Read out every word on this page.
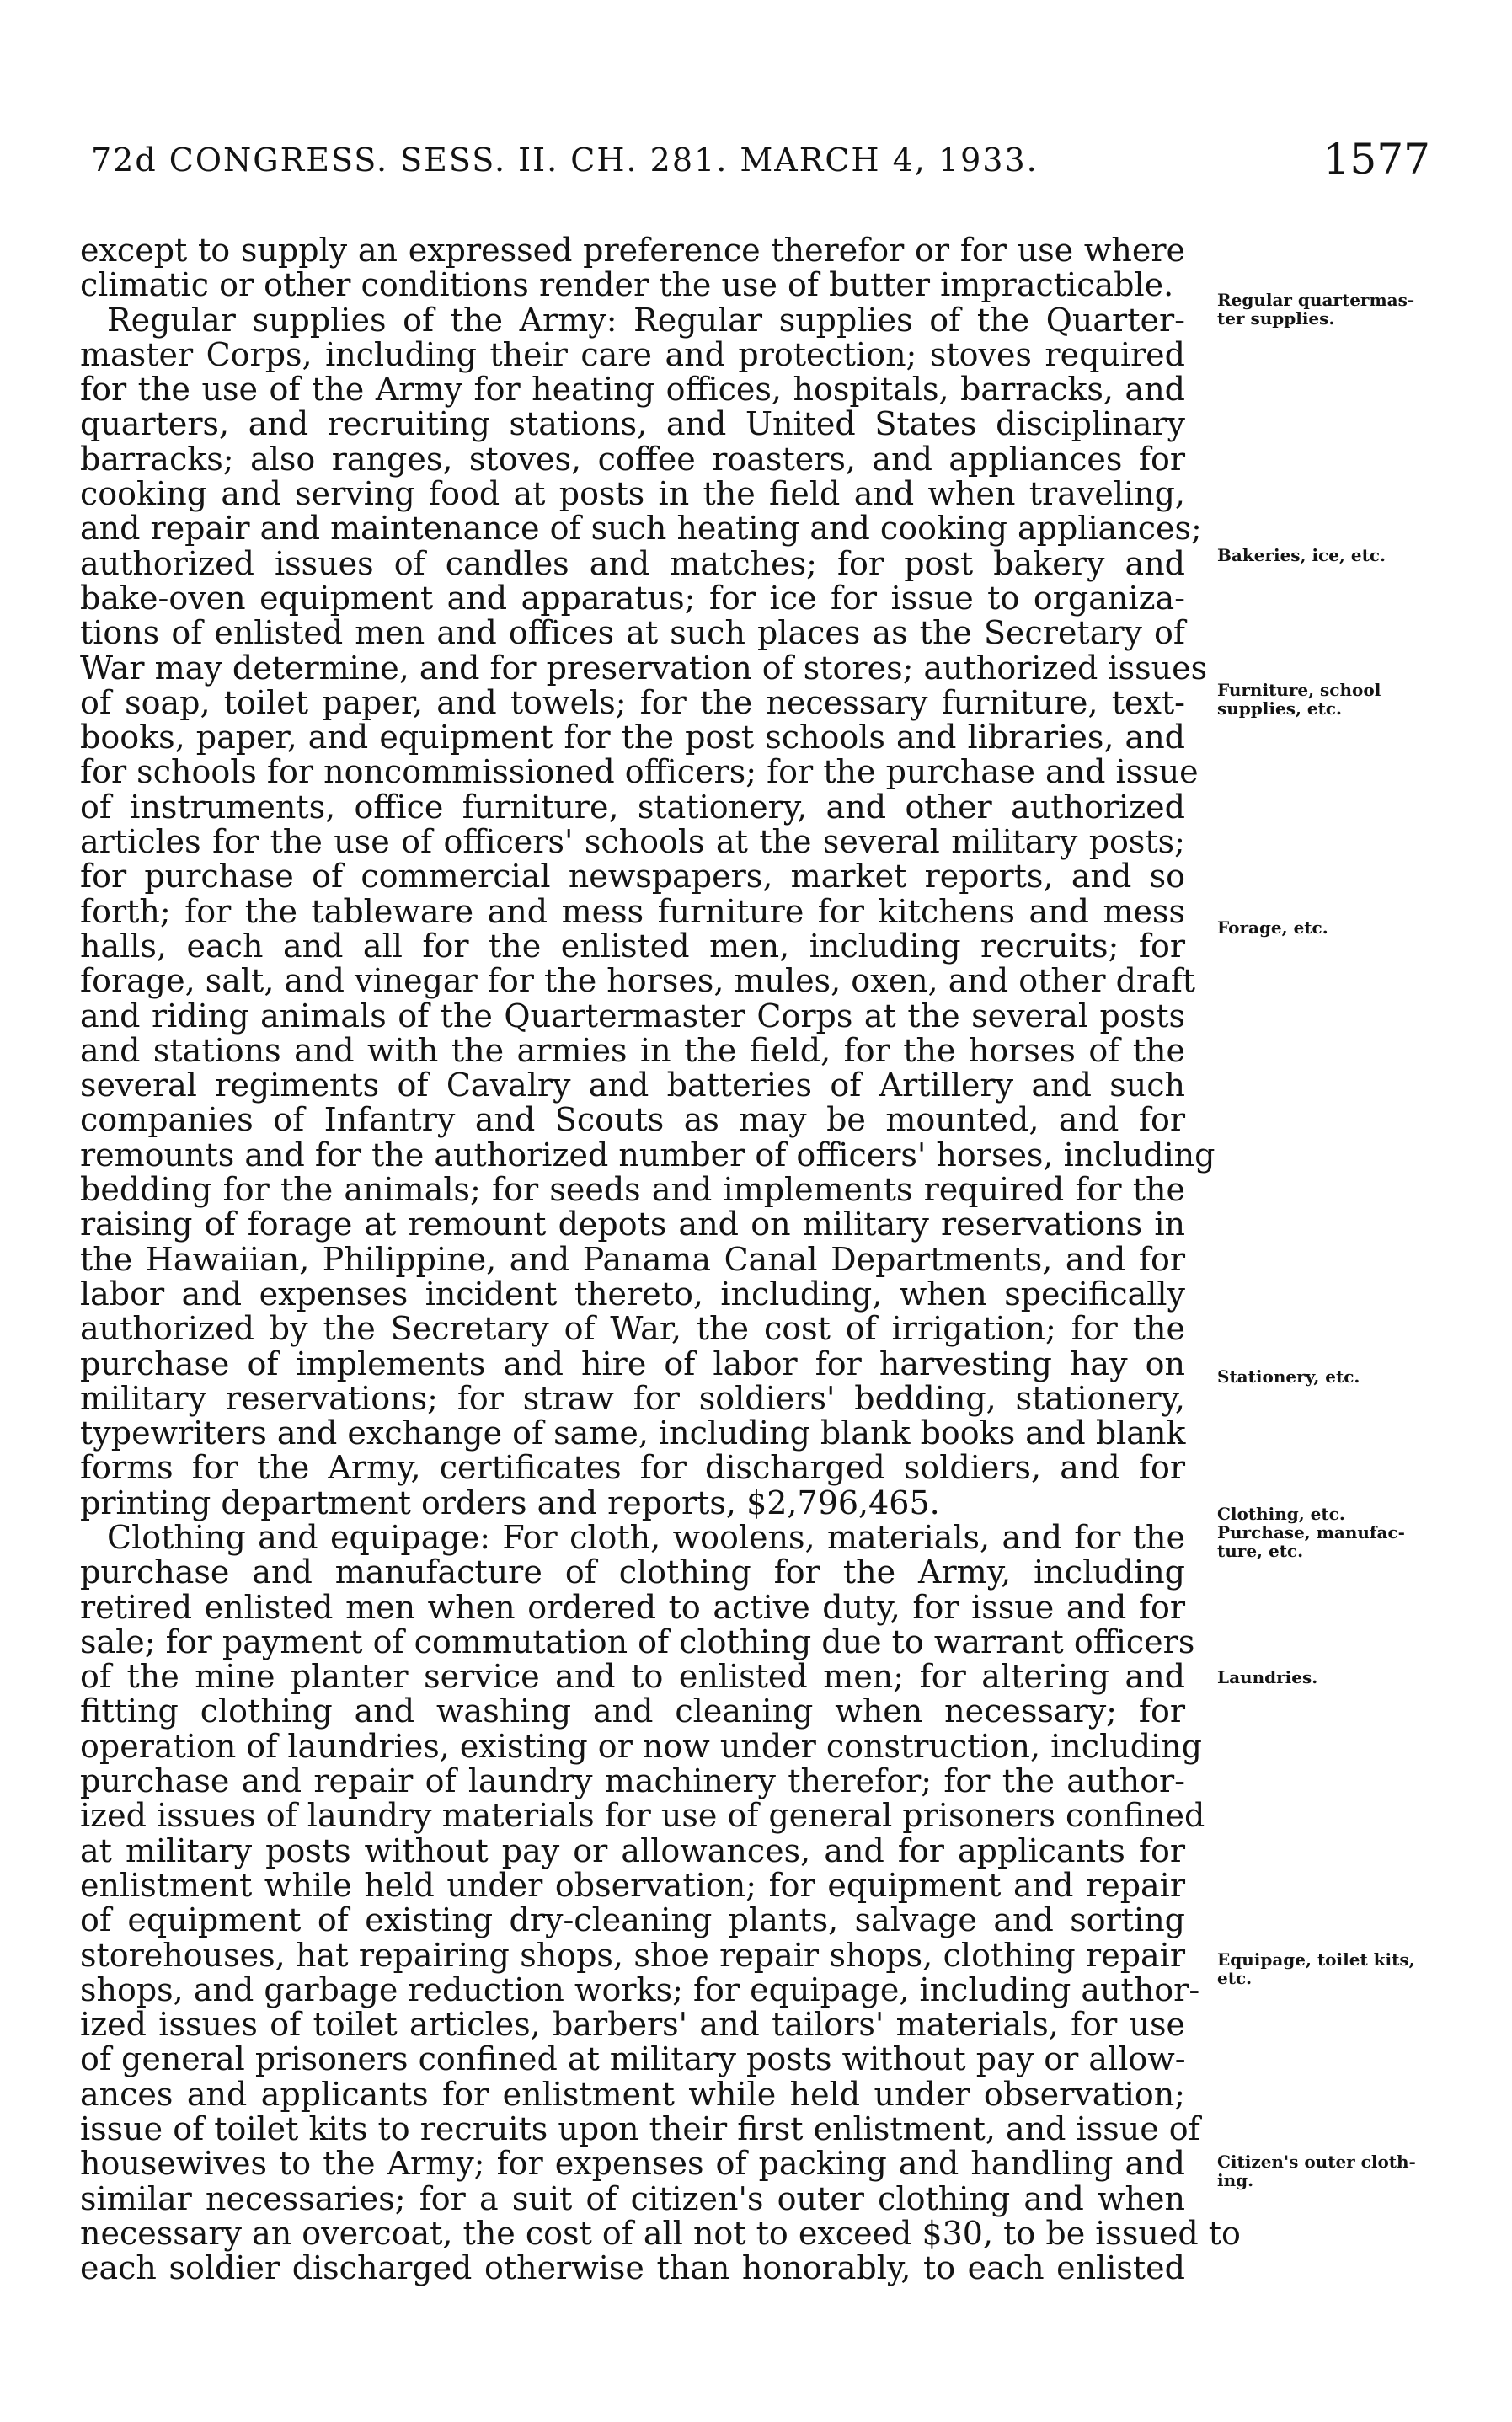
72d CONGRESS. SESS. II. CH. 281. MARCH 4, 1933.	1577
except to supply an expressed preference therefor or for use where
climatic or other conditions render the use of butter impracticable.
Regular supplies of the Army: Regular supplies of the Quarter-
master Corps, including their care and protection; stoves required
for the use of the Army for heating offices, hospitals, barracks, and
quarters, and recruiting stations, and United States disciplinary
barracks; also ranges, stoves, coffee roasters, and appliances for
cooking and serving food at posts in the field and when traveling,
and repair and maintenance of such heating and cooking appliances;
authorized issues of candles and matches; for post bakery and
bake-oven equipment and apparatus; for ice for issue to organiza-
tions of enlisted men and offices at such places as the Secretary of
War may determine, and for preservation of stores; authorized issues
of soap, toilet paper, and towels; for the necessary furniture, text-
books, paper, and equipment for the post schools and libraries, and
for schools for noncommissioned officers; for the purchase and issue
of instruments, office furniture, stationery, and other authorized
articles for the use of officers' schools at the several military posts;
for purchase of commercial newspapers, market reports, and so
forth; for the tableware and mess furniture for kitchens and mess
halls, each and all for the enlisted men, including recruits; for
forage, salt, and vinegar for the horses, mules, oxen, and other draft
and riding animals of the Quartermaster Corps at the several posts
and stations and with the armies in the field, for the horses of the
several regiments of Cavalry and batteries of Artillery and such
companies of Infantry and Scouts as may be mounted, and for
remounts and for the authorized number of officers' horses, including
bedding for the animals; for seeds and implements required for the
raising of forage at remount depots and on military reservations in
the Hawaiian, Philippine, and Panama Canal Departments, and for
labor and expenses incident thereto, including, when specifically
authorized by the Secretary of War, the cost of irrigation; for the
purchase of implements and hire of labor for harvesting hay on
military reservations; for straw for soldiers' bedding, stationery,
typewriters and exchange of same, including blank books and blank
forms for the Army, certificates for discharged soldiers, and for
printing department orders and reports, $2,796,465.
Clothing and equipage: For cloth, woolens, materials, and for the
purchase and manufacture of clothing for the Army, including
retired enlisted men when ordered to active duty, for issue and for
sale; for payment of commutation of clothing due to warrant officers
of the mine planter service and to enlisted men; for altering and
fitting clothing and washing and cleaning when necessary; for
operation of laundries, existing or now under construction, including
purchase and repair of laundry machinery therefor; for the author-
ized issues of laundry materials for use of general prisoners confined
at military posts without pay or allowances, and for applicants for
enlistment while held under observation; for equipment and repair
of equipment of existing dry-cleaning plants, salvage and sorting
storehouses, hat repairing shops, shoe repair shops, clothing repair
shops, and garbage reduction works; for equipage, including author-
ized issues of toilet articles, barbers' and tailors' materials, for use
of general prisoners confined at military posts without pay or allow-
ances and applicants for enlistment while held under observation;
issue of toilet kits to recruits upon their first enlistment, and issue of
housewives to the Army; for expenses of packing and handling and
similar necessaries; for a suit of citizen's outer clothing and when
necessary an overcoat, the cost of all not to exceed $30, to be issued to
each soldier discharged otherwise than honorably, to each enlisted
Regular quartermas-
ter supplies.
Bakeries, ice, etc.
Furniture, school
supplies, etc.
Forage, etc.
Stationery, etc.
Clothing, etc.
Purchase, manufac-
ture, etc.
Laundries.
Equipage, toilet kits,
etc.
Citizen's outer cloth-
ing.
